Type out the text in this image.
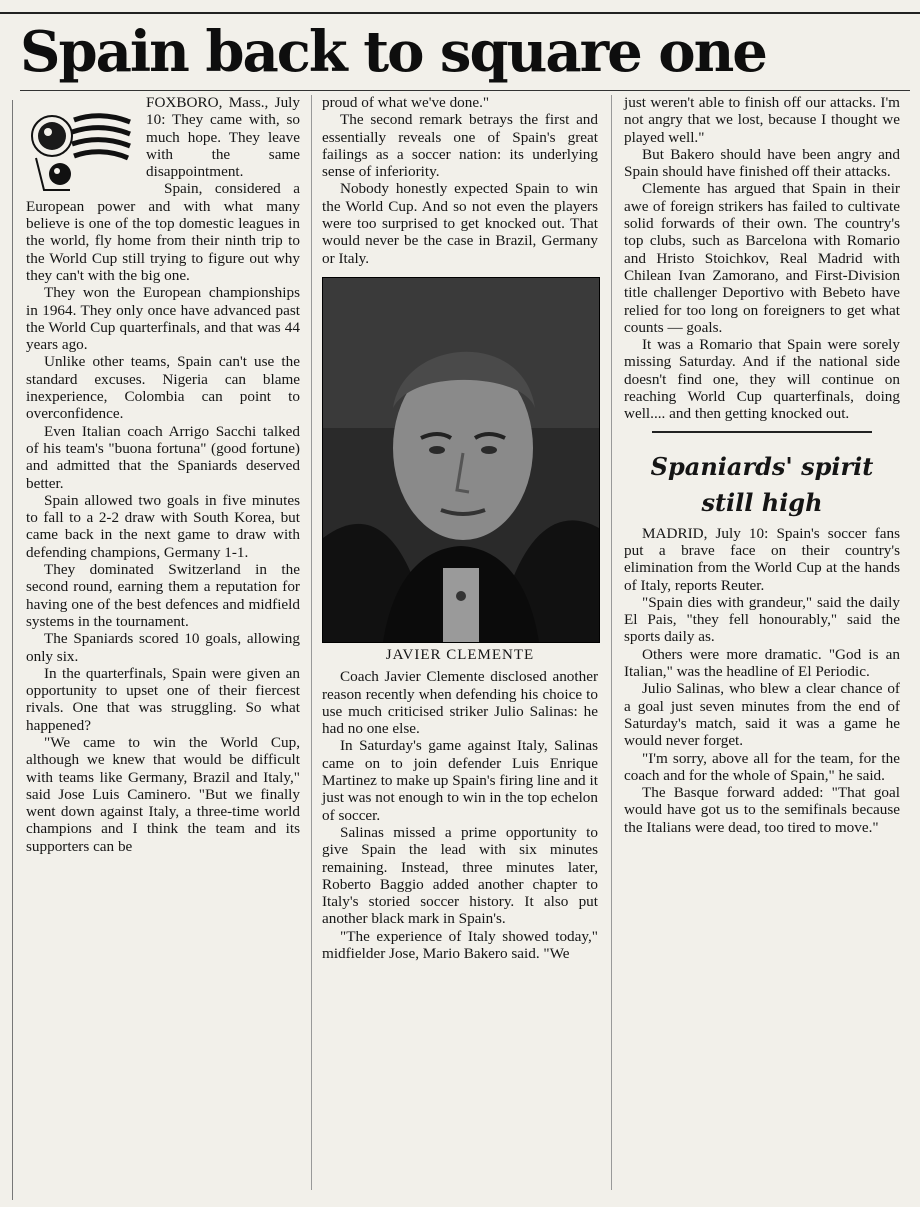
Spain back to square one

FOXBORO, Mass., July 10: They came with, so much hope. They leave with the same disappointment.

Spain, considered a European power and with what many believe is one of the top domestic leagues in the world, fly home from their ninth trip to the World Cup still trying to figure out why they can't with the big one.

They won the European championships in 1964. They only once have advanced past the World Cup quarterfinals, and that was 44 years ago.

Unlike other teams, Spain can't use the standard excuses. Nigeria can blame inexperience, Colombia can point to overconfidence.

Even Italian coach Arrigo Sacchi talked of his team's "buona fortuna" (good fortune) and admitted that the Spaniards deserved better.

Spain allowed two goals in five minutes to fall to a 2-2 draw with South Korea, but came back in the next game to draw with defending champions, Germany 1-1.

They dominated Switzerland in the second round, earning them a reputation for having one of the best defences and midfield systems in the tournament.

The Spaniards scored 10 goals, allowing only six.

In the quarterfinals, Spain were given an opportunity to upset one of their fiercest rivals. One that was struggling. So what happened?

"We came to win the World Cup, although we knew that would be difficult with teams like Germany, Brazil and Italy," said Jose Luis Caminero. "But we finally went down against Italy, a three-time world champions and I think the team and its supporters can be

proud of what we've done."

The second remark betrays the first and essentially reveals one of Spain's great failings as a soccer nation: its underlying sense of inferiority.

Nobody honestly expected Spain to win the World Cup. And so not even the players were too surprised to get knocked out. That would never be the case in Brazil, Germany or Italy.

JAVIER CLEMENTE

Coach Javier Clemente disclosed another reason recently when defending his choice to use much criticised striker Julio Salinas: he had no one else.

In Saturday's game against Italy, Salinas came on to join defender Luis Enrique Martinez to make up Spain's firing line and it just was not enough to win in the top echelon of soccer.

Salinas missed a prime opportunity to give Spain the lead with six minutes remaining. Instead, three minutes later, Roberto Baggio added another chapter to Italy's storied soccer history. It also put another black mark in Spain's.

"The experience of Italy showed today," midfielder Jose, Mario Bakero said. "We

just weren't able to finish off our attacks. I'm not angry that we lost, because I thought we played well."

But Bakero should have been angry and Spain should have finished off their attacks.

Clemente has argued that Spain in their awe of foreign strikers has failed to cultivate solid forwards of their own. The country's top clubs, such as Barcelona with Romario and Hristo Stoichkov, Real Madrid with Chilean Ivan Zamorano, and First-Division title challenger Deportivo with Bebeto have relied for too long on foreigners to get what counts — goals.

It was a Romario that Spain were sorely missing Saturday. And if the national side doesn't find one, they will continue on reaching World Cup quarterfinals, doing well.... and then getting knocked out.

Spaniards' spirit still high

MADRID, July 10: Spain's soccer fans put a brave face on their country's elimination from the World Cup at the hands of Italy, reports Reuter.

"Spain dies with grandeur," said the daily El Pais, "they fell honourably," said the sports daily as.

Others were more dramatic. "God is an Italian," was the headline of El Periodic.

Julio Salinas, who blew a clear chance of a goal just seven minutes from the end of Saturday's match, said it was a game he would never forget.

"I'm sorry, above all for the team, for the coach and for the whole of Spain," he said.

The Basque forward added: "That goal would have got us to the semifinals because the Italians were dead, too tired to move."
